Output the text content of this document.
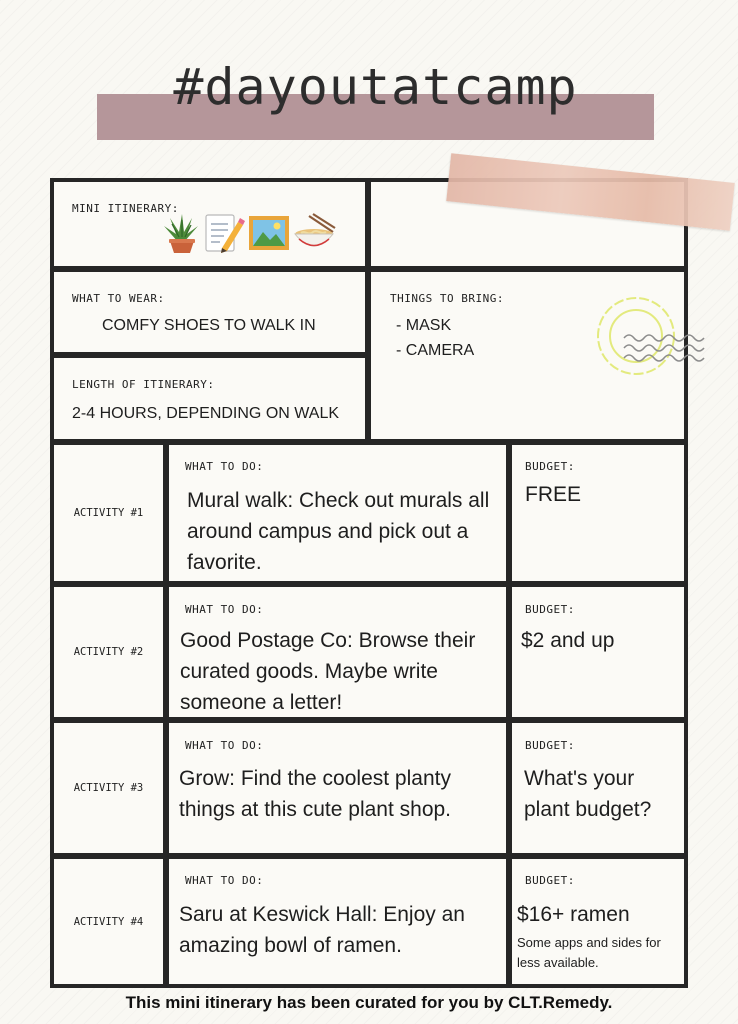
#dayoutatcamp
MINI ITINERARY:
WHAT TO WEAR:
COMFY SHOES TO WALK IN
LENGTH OF ITINERARY:
2-4 HOURS, DEPENDING ON WALK
THINGS TO BRING:
- MASK
- CAMERA
ACTIVITY #1
WHAT TO DO:
Mural walk: Check out murals all around campus and pick out a favorite.
BUDGET:
FREE
ACTIVITY #2
WHAT TO DO:
Good Postage Co: Browse their curated goods. Maybe write someone a letter!
BUDGET:
$2 and up
ACTIVITY #3
WHAT TO DO:
Grow: Find the coolest planty things at this cute plant shop.
BUDGET:
What's your plant budget?
ACTIVITY #4
WHAT TO DO:
Saru at Keswick Hall: Enjoy an amazing bowl of ramen.
BUDGET:
$16+ ramen
Some apps and sides for less available.
This mini itinerary has been curated for you by CLT.Remedy.
